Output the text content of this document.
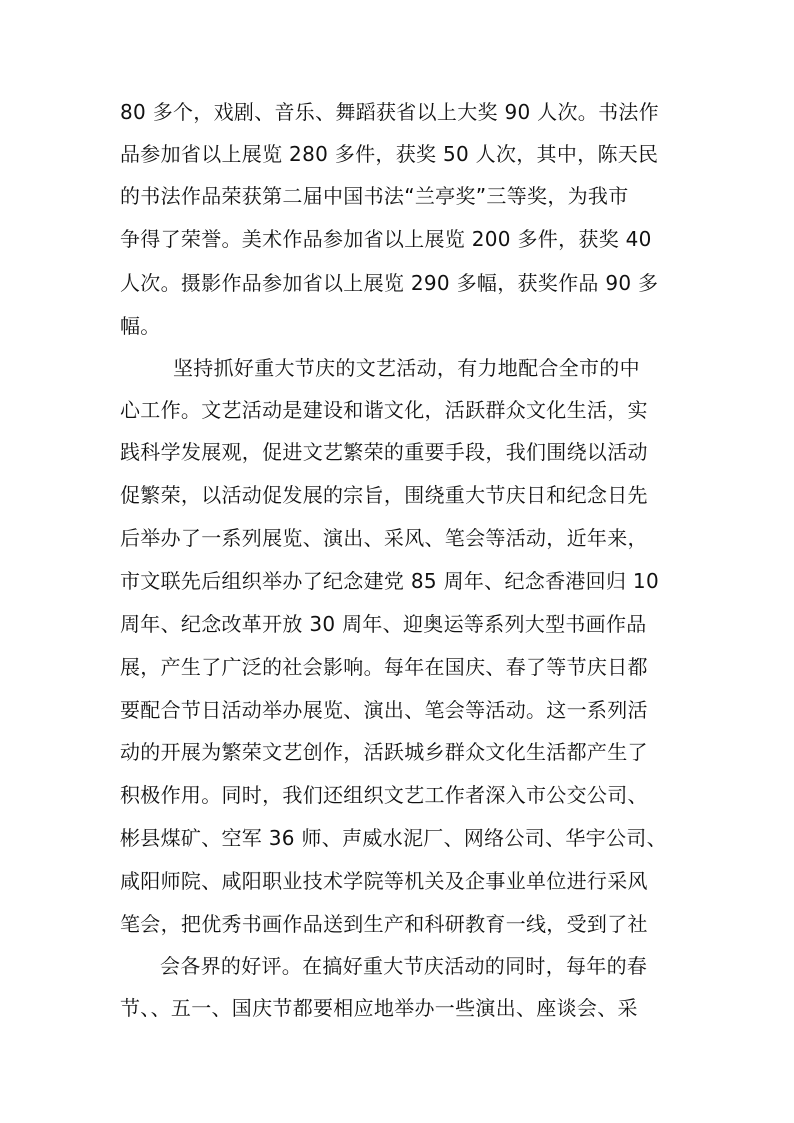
80 多个，戏剧、音乐、舞蹈获省以上大奖 90 人次。书法作
品参加省以上展览 280 多件，获奖 50 人次，其中，陈天民
的书法作品荣获第二届中国书法“兰亭奖”三等奖，为我市
争得了荣誉。美术作品参加省以上展览 200 多件，获奖 40
人次。摄影作品参加省以上展览 290 多幅，获奖作品 90 多
幅。
坚持抓好重大节庆的文艺活动，有力地配合全市的中
心工作。文艺活动是建设和谐文化，活跃群众文化生活，实
践科学发展观，促进文艺繁荣的重要手段，我们围绕以活动
促繁荣，以活动促发展的宗旨，围绕重大节庆日和纪念日先
后举办了一系列展览、演出、采风、笔会等活动，近年来，
市文联先后组织举办了纪念建党 85 周年、纪念香港回归 10
周年、纪念改革开放 30 周年、迎奥运等系列大型书画作品
展，产生了广泛的社会影响。每年在国庆、春了等节庆日都
要配合节日活动举办展览、演出、笔会等活动。这一系列活
动的开展为繁荣文艺创作，活跃城乡群众文化生活都产生了
积极作用。同时，我们还组织文艺工作者深入市公交公司、
彬县煤矿、空军 36 师、声威水泥厂、网络公司、华宇公司、
咸阳师院、咸阳职业技术学院等机关及企事业单位进行采风
笔会，把优秀书画作品送到生产和科研教育一线，受到了社
会各界的好评。在搞好重大节庆活动的同时，每年的春
节、、五一、国庆节都要相应地举办一些演出、座谈会、采
